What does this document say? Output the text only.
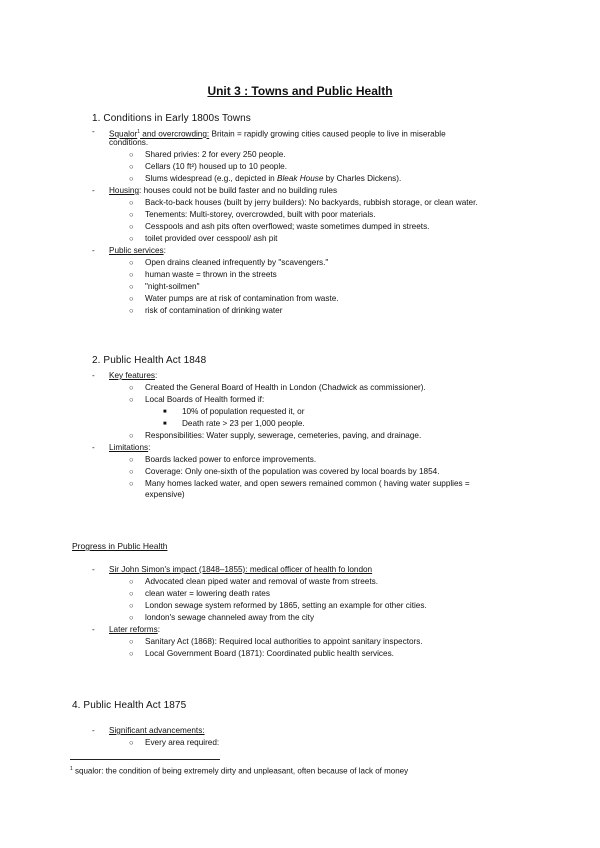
Unit 3 : Towns and Public Health
1. Conditions in Early 1800s Towns
- Squalor$^1$ and overcrowding: Britain = rapidly growing cities caused people to live in miserable
conditions.
○ Shared privies: 2 for every 250 people.
○ Cellars (10 ft²) housed up to 10 people.
○ Slums widespread (e.g., depicted in Bleak House by Charles Dickens).
- Housing: houses could not be build faster and no building rules
○ Back-to-back houses (built by jerry builders): No backyards, rubbish storage, or clean water.
○ Tenements: Multi-storey, overcrowded, built with poor materials.
○ Cesspools and ash pits often overflowed; waste sometimes dumped in streets.
○ toilet provided over cesspool/ ash pit
- Public services:
○ Open drains cleaned infrequently by "scavengers."
○ human waste = thrown in the streets
○ "night-soilmen"
○ Water pumps are at risk of contamination from waste.
○ risk of contamination of drinking water
2. Public Health Act 1848
- Key features:
○ Created the General Board of Health in London (Chadwick as commissioner).
○ Local Boards of Health formed if:
■ 10% of population requested it, or
■ Death rate > 23 per 1,000 people.
○ Responsibilities: Water supply, sewerage, cemeteries, paving, and drainage.
- Limitations:
○ Boards lacked power to enforce improvements.
○ Coverage: Only one-sixth of the population was covered by local boards by 1854.
○ Many homes lacked water, and open sewers remained common ( having water supplies =
expensive)
Progress in Public Health
- Sir John Simon's impact (1848–1855): medical officer of health fo london
○ Advocated clean piped water and removal of waste from streets.
○ clean water = lowering death rates
○ London sewage system reformed by 1865, setting an example for other cities.
○ london's sewage channeled away from the city
- Later reforms:
○ Sanitary Act (1868): Required local authorities to appoint sanitary inspectors.
○ Local Government Board (1871): Coordinated public health services.
4. Public Health Act 1875
- Significant advancements:
○ Every area required:
$^1$ squalor: the condition of being extremely dirty and unpleasant, often because of lack of money
